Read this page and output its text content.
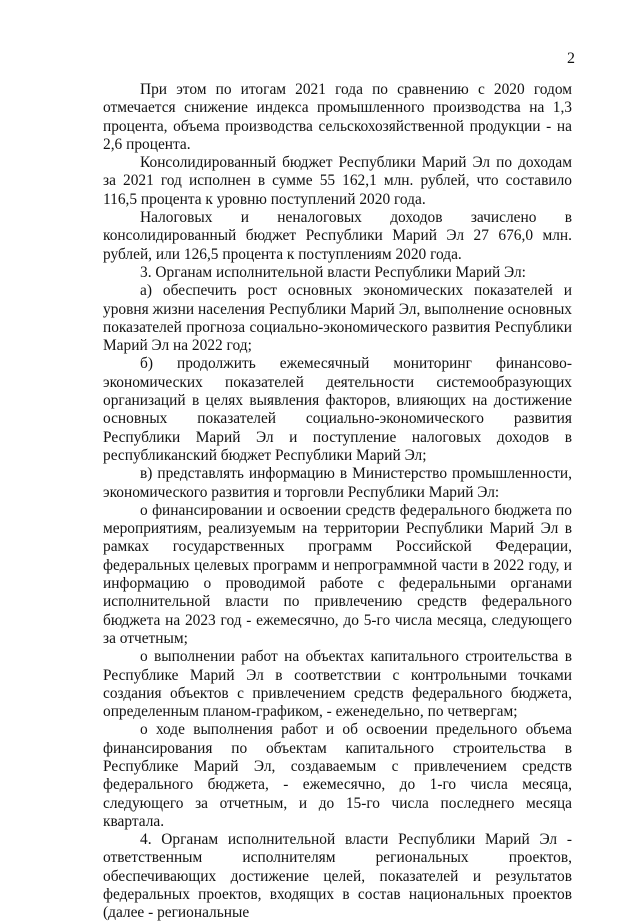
2

При этом по итогам 2021 года по сравнению с 2020 годом отмечается снижение индекса промышленного производства на 1,3 процента, объема производства сельскохозяйственной продукции - на 2,6 процента.

Консолидированный бюджет Республики Марий Эл по доходам за 2021 год исполнен в сумме 55 162,1 млн. рублей, что составило 116,5 процента к уровню поступлений 2020 года.

Налоговых и неналоговых доходов зачислено в консолидированный бюджет Республики Марий Эл 27 676,0 млн. рублей, или 126,5 процента к поступлениям 2020 года.

3. Органам исполнительной власти Республики Марий Эл:

а) обеспечить рост основных экономических показателей и уровня жизни населения Республики Марий Эл, выполнение основных показателей прогноза социально-экономического развития Республики Марий Эл на 2022 год;

б) продолжить ежемесячный мониторинг финансово-экономических показателей деятельности системообразующих организаций в целях выявления факторов, влияющих на достижение основных показателей социально-экономического развития Республики Марий Эл и поступление налоговых доходов в республиканский бюджет Республики Марий Эл;

в) представлять информацию в Министерство промышленности, экономического развития и торговли Республики Марий Эл:

о финансировании и освоении средств федерального бюджета по мероприятиям, реализуемым на территории Республики Марий Эл в рамках государственных программ Российской Федерации, федеральных целевых программ и непрограммной части в 2022 году, и информацию о проводимой работе с федеральными органами исполнительной власти по привлечению средств федерального бюджета на 2023 год - ежемесячно, до 5-го числа месяца, следующего за отчетным;

о выполнении работ на объектах капитального строительства в Республике Марий Эл в соответствии с контрольными точками создания объектов с привлечением средств федерального бюджета, определенным планом-графиком, - еженедельно, по четвергам;

о ходе выполнения работ и об освоении предельного объема финансирования по объектам капитального строительства в Республике Марий Эл, создаваемым с привлечением средств федерального бюджета, - ежемесячно, до 1-го числа месяца, следующего за отчетным, и до 15-го числа последнего месяца квартала.

4. Органам исполнительной власти Республики Марий Эл - ответственным исполнителям региональных проектов, обеспечивающих достижение целей, показателей и результатов федеральных проектов, входящих в состав национальных проектов (далее - региональные
